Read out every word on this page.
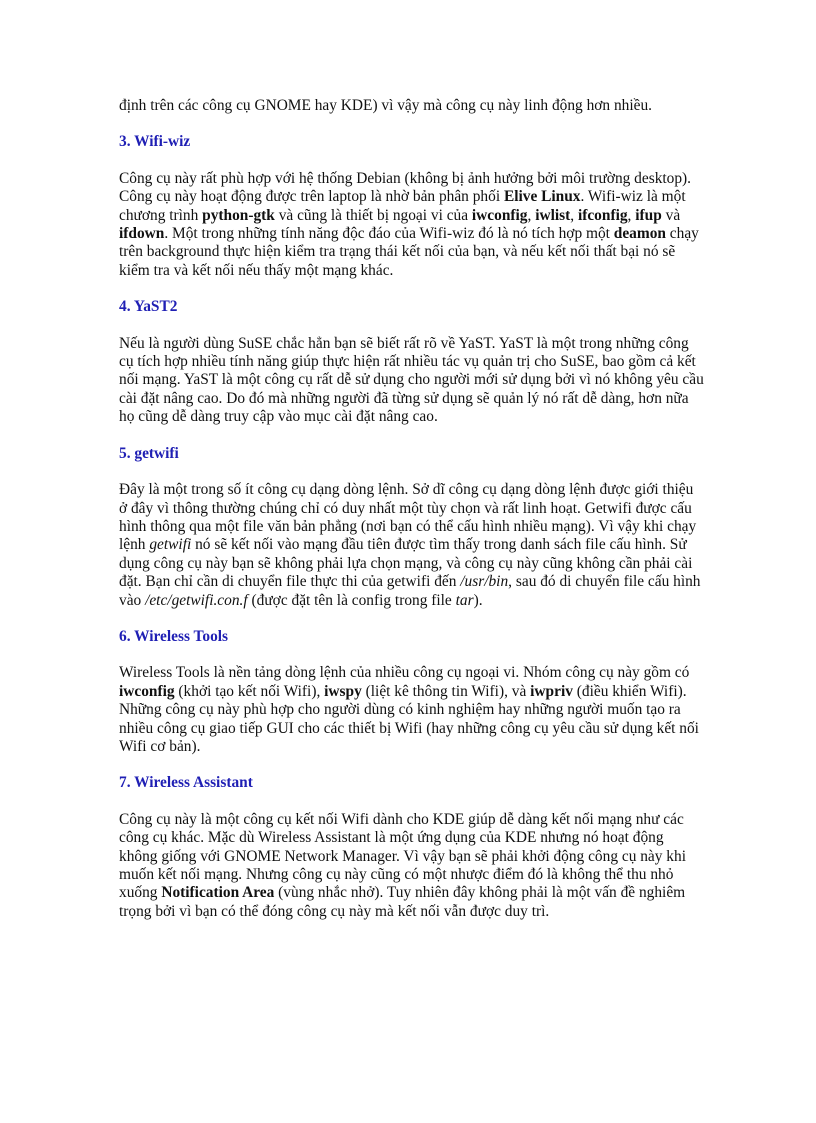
định trên các công cụ GNOME hay KDE) vì vậy mà công cụ này linh động hơn nhiều.

3. Wifi-wiz

Công cụ này rất phù hợp với hệ thống Debian (không bị ảnh hưởng bởi môi trường desktop). Công cụ này hoạt động được trên laptop là nhờ bản phân phối Elive Linux. Wifi-wiz là một chương trình python-gtk và cũng là thiết bị ngoại vi của iwconfig, iwlist, ifconfig, ifup và ifdown. Một trong những tính năng độc đáo của Wifi-wiz đó là nó tích hợp một deamon chạy trên background thực hiện kiểm tra trạng thái kết nối của bạn, và nếu kết nối thất bại nó sẽ kiểm tra và kết nối nếu thấy một mạng khác.

4. YaST2

Nếu là người dùng SuSE chắc hẳn bạn sẽ biết rất rõ về YaST. YaST là một trong những công cụ tích hợp nhiều tính năng giúp thực hiện rất nhiều tác vụ quản trị cho SuSE, bao gồm cả kết nối mạng. YaST là một công cụ rất dễ sử dụng cho người mới sử dụng bởi vì nó không yêu cầu cài đặt nâng cao. Do đó mà những người đã từng sử dụng sẽ quản lý nó rất dễ dàng, hơn nữa họ cũng dễ dàng truy cập vào mục cài đặt nâng cao.

5. getwifi

Đây là một trong số ít công cụ dạng dòng lệnh. Sở dĩ công cụ dạng dòng lệnh được giới thiệu ở đây vì thông thường chúng chỉ có duy nhất một tùy chọn và rất linh hoạt. Getwifi được cấu hình thông qua một file văn bản phẳng (nơi bạn có thể cấu hình nhiều mạng). Vì vậy khi chạy lệnh getwifi nó sẽ kết nối vào mạng đầu tiên được tìm thấy trong danh sách file cấu hình. Sử dụng công cụ này bạn sẽ không phải lựa chọn mạng, và công cụ này cũng không cần phải cài đặt. Bạn chỉ cần di chuyển file thực thi của getwifi đến /usr/bin, sau đó di chuyển file cấu hình vào /etc/getwifi.con.f (được đặt tên là config trong file tar).

6. Wireless Tools

Wireless Tools là nền tảng dòng lệnh của nhiều công cụ ngoại vi. Nhóm công cụ này gồm có iwconfig (khởi tạo kết nối Wifi), iwspy (liệt kê thông tin Wifi), và iwpriv (điều khiển Wifi). Những công cụ này phù hợp cho người dùng có kinh nghiệm hay những người muốn tạo ra nhiều công cụ giao tiếp GUI cho các thiết bị Wifi (hay những công cụ yêu cầu sử dụng kết nối Wifi cơ bản).

7. Wireless Assistant

Công cụ này là một công cụ kết nối Wifi dành cho KDE giúp dễ dàng kết nối mạng như các công cụ khác. Mặc dù Wireless Assistant là một ứng dụng của KDE nhưng nó hoạt động không giống với GNOME Network Manager. Vì vậy bạn sẽ phải khởi động công cụ này khi muốn kết nối mạng. Nhưng công cụ này cũng có một nhược điểm đó là không thể thu nhỏ xuống Notification Area (vùng nhắc nhở). Tuy nhiên đây không phải là một vấn đề nghiêm trọng bởi vì bạn có thể đóng công cụ này mà kết nối vẫn được duy trì.
